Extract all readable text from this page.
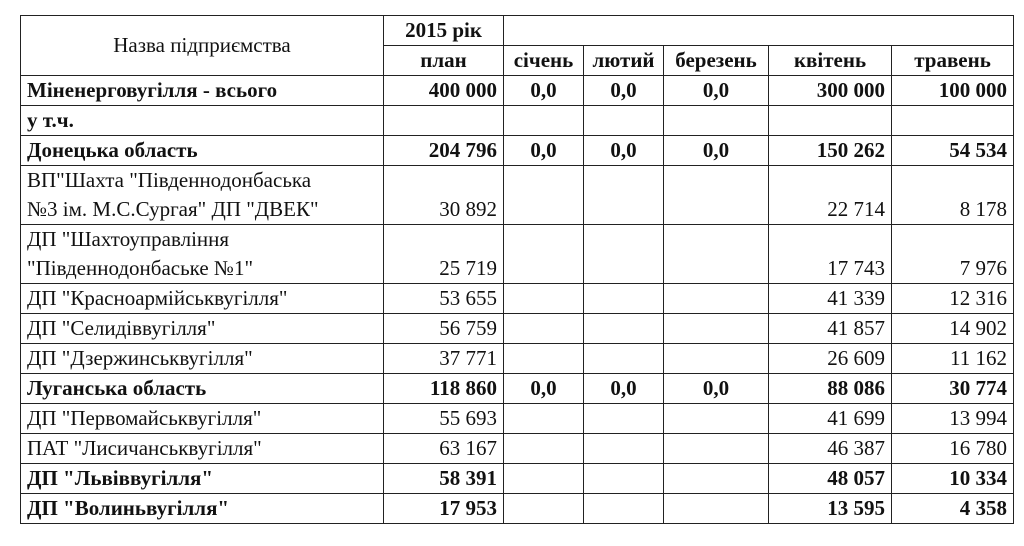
Назва підприємства	2015 рік					
	план	січень	лютий	березень	квітень	травень
Міненерговугілля - всього	400 000	0,0	0,0	0,0	300 000	100 000
у т.ч.						
Донецька область	204 796	0,0	0,0	0,0	150 262	54 534

ВП"Шахта "Південнодонбаська
№3 ім. М.С.Сургая" ДП "ДВЕК"	30 892				22 714	8 178

ДП "Шахтоуправління
"Південнодонбаське №1"	25 719				17 743	7 976
ДП "Красноармійськвугілля"	53 655				41 339	12 316
ДП "Селидіввугілля"	56 759				41 857	14 902
ДП "Дзержинськвугілля"	37 771				26 609	11 162
Луганська область	118 860	0,0	0,0	0,0	88 086	30 774
ДП "Первомайськвугілля"	55 693				41 699	13 994
ПАТ "Лисичанськвугілля"	63 167				46 387	16 780
ДП "Львіввугілля"	58 391				48 057	10 334
ДП "Волиньвугілля"	17 953				13 595	4 358
